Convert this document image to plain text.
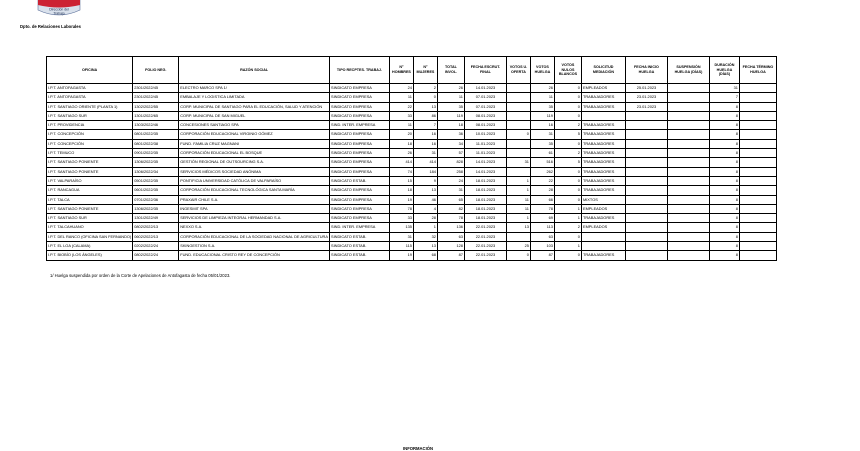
Dirección del
Trabajo
Dpto. de Relaciones Laborales
OFICINA	FOLIO NEG.	RAZÓN SOCIAL	TIPO RECPTES. TRABAJ.	N° HOMBRES	N° MUJERES	TOTAL INVOL.	FECHA ESCRUT. FINAL	VOTOS U. OFERTA	VOTOS HUELGA	VOTOS NULOS BLANCOS	SOLICITUD MEDIACIÓN	FECHA INICIO HUELGA	SUSPENSIÓN HUELGA (DÍAS)	DURACIÓN HUELGA (DÍAS)	FECHA TÉRMINO HUELGA
I.P.T. ANTOFAGASTA	2301/2022/45	ELECTRO MARCO SPA 1/	SINDICATO EMPRESA	24	2	26	14.01.2023		26	0	EMPLEADOS	25.01.2023		31	
I.P.T. ANTOFAGASTA	2301/2022/45	EMBALAJE Y LOGISTICA LIMITADA	SINDICATO EMPRESA	11	0	11	07.01.2023		11	0	TRABAJADORES	23.01.2023		7	
I.P.T. SANTIAGO ORIENTE (PLANTA 1)	1302/2022/55	CORP. MUNICIPAL DE SANTIAGO PARA EL EDUCACIÓN, SALUD Y ATENCIÓN	SINDICATO EMPRESA	22	13	35	07.01.2023		35	0	TRABAJADORES	23.01.2023		8	
I.P.T. SANTIAGO SUR	1301/2022/65	CORP. MUNICIPAL DE SAN MIGUEL	SINDICATO EMPRESA	33	86	119	08.01.2023		119	0				8	
I.P.T. PROVIDENCIA	1303/2022/46	CONCESIONES SANTIAGO SPA	SIND. INTER. EMPRESA	11	7	18	08.01.2023		16	2	TRABAJADORES			8	
I.P.T. CONCEPCIÓN	0801/2022/35	CORPORACIÓN EDUCACIONAL VIRGINIO GÓMEZ	SINDICATO EMPRESA	20	16	36	10.01.2023	0	31	5	TRABAJADORES			8	
I.P.T. CONCEPCIÓN	0801/2022/38	FUND. FAMILIA CRUZ MAGNANI	SINDICATO EMPRESA	18	16	34	11.01.2023		35	0	TRABAJADORES			8	
I.P.T. TEMUCO	0901/2022/35	CORPORACIÓN EDUCACIONAL EL BOSQUE	SINDICATO EMPRESA	26	31	57	11.01.2023		61	2	TRABAJADORES			8	
I.P.T. SANTIAGO PONIENTE	1306/2022/35	GESTIÓN REGIONAL DE OUTSOURCING S.A.	SINDICATO EMPRESA	414	414	828	14.01.2023	31	516	5	TRABAJADORES			8	
I.P.T. SANTIAGO PONIENTE	1306/2022/34	SERVICIOS MÉDICOS SOCIEDAD ANÓNIMA	SINDICATO EMPRESA	74	184	258	14.01.2023		262	0	TRABAJADORES			8	
I.P.T. VALPARAÍSO	0501/2022/35	PONTIFICIA UNIVERSIDAD CATÓLICA DE VALPARAÍSO	SINDICATO ESTAB.	15	9	24	18.01.2023	1	22	0	TRABAJADORES			8	
I.P.T. RANCAGUA	0601/2022/35	CORPORACIÓN EDUCACIONAL TECNOLÓGICA SANTA MARÍA	SINDICATO EMPRESA	18	13	31	18.01.2023	1	28	0	TRABAJADORES			8	
I.P.T. TALCA	0701/2022/36	PRAXAIR CHILE S.A.	SINDICATO EMPRESA	19	46	65	18.01.2023	11	66	0	MIXTOS			8	
I.P.T. SANTIAGO PONIENTE	1306/2022/35	INGESMIT SPA	SINDICATO EMPRESA	78	4	82	18.01.2023	11	78	1	EMPLEADOS			8	
I.P.T. SANTIAGO SUR	1301/2022/49	SERVICIOS DE LIMPIEZA INTEGRAL HERMANDAD S.A.	SINDICATO EMPRESA	33	28	78	18.01.2023	1	69	1	TRABAJADORES			8	
I.P.T. TALCAHUANO	0802/2022/13	NEXXO S.A.	SIND. INTER. EMPRESA	135	1	136	22.01.2023	13	113	2	EMPLEADOS			8	
I.P.T. DEL RANCO (OFICINA SAN FERNANDO)	0602/2022/13	CORPORACIÓN EDUCACIONAL DE LA SOCIEDAD NACIONAL DE AGRICULTURA	SINDICATO ESTAB.	31	32	63	22.01.2023		63	0				8	
I.P.T. EL LOA (CALAMA)	0202/2022/24	SKINGESTION S.A.	SINDICATO ESTAB.	115	13	128	22.01.2023	25	103	1				8	
I.P.T. BIOBÍO (LOS ÁNGELES)	0802/2022/24	FUND. EDUCACIONAL CRISTO REY DE CONCEPCIÓN	SINDICATO ESTAB.	19	68	87	22.01.2023	0	87	0	TRABAJADORES			8	
1/ Huelga suspendida por orden de la Corte de Apelaciones de Antofagasta de fecha 05/01/2023.
INFORMACIÓN
